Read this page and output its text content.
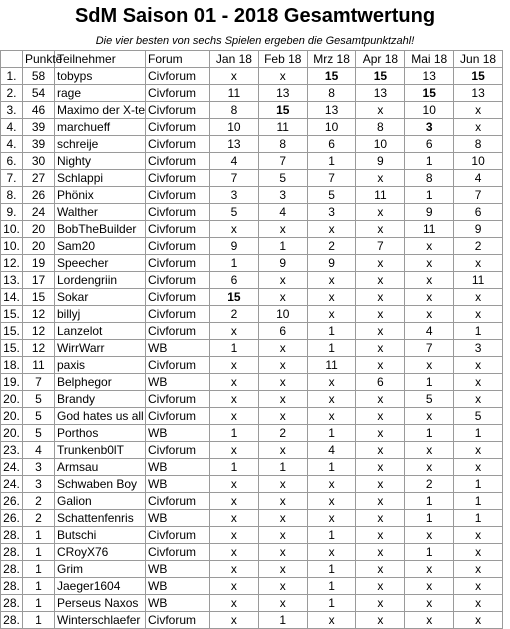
SdM Saison 01 - 2018 Gesamtwertung
Die vier besten von sechs Spielen ergeben die Gesamtpunktzahl!
	Punkte	Teilnehmer	Forum	Jan 18	Feb 18	Mrz 18	Apr 18	Mai 18	Jun 18
1.	58	tobyps	Civforum	x	x	15	15	13	15
2.	54	rage	Civforum	11	13	8	13	15	13
3.	46	Maximo der X-te	Civforum	8	15	13	x	10	x
4.	39	marchueff	Civforum	10	11	10	8	3	x
4.	39	schreije	Civforum	13	8	6	10	6	8
6.	30	Nighty	Civforum	4	7	1	9	1	10
7.	27	Schlappi	Civforum	7	5	7	x	8	4
8.	26	Phönix	Civforum	3	3	5	11	1	7
9.	24	Walther	Civforum	5	4	3	x	9	6
10.	20	BobTheBuilder	Civforum	x	x	x	x	11	9
10.	20	Sam20	Civforum	9	1	2	7	x	2
12.	19	Speecher	Civforum	1	9	9	x	x	x
13.	17	Lordengriin	Civforum	6	x	x	x	x	11
14.	15	Sokar	Civforum	15	x	x	x	x	x
15.	12	billyj	Civforum	2	10	x	x	x	x
15.	12	Lanzelot	Civforum	x	6	1	x	4	1
15.	12	WirrWarr	WB	1	x	1	x	7	3
18.	11	paxis	Civforum	x	x	11	x	x	x
19.	7	Belphegor	WB	x	x	x	6	1	x
20.	5	Brandy	Civforum	x	x	x	x	5	x
20.	5	God hates us all	Civforum	x	x	x	x	x	5
20.	5	Porthos	WB	1	2	1	x	1	1
23.	4	Trunkenb0lT	Civforum	x	x	4	x	x	x
24.	3	Armsau	WB	1	1	1	x	x	x
24.	3	Schwaben Boy	WB	x	x	x	x	2	1
26.	2	Galion	Civforum	x	x	x	x	1	1
26.	2	Schattenfenris	WB	x	x	x	x	1	1
28.	1	Butschi	Civforum	x	x	1	x	x	x
28.	1	CRoyX76	Civforum	x	x	x	x	1	x
28.	1	Grim	WB	x	x	1	x	x	x
28.	1	Jaeger1604	WB	x	x	1	x	x	x
28.	1	Perseus Naxos	WB	x	x	1	x	x	x
28.	1	Winterschlaefer	Civforum	x	1	x	x	x	x
